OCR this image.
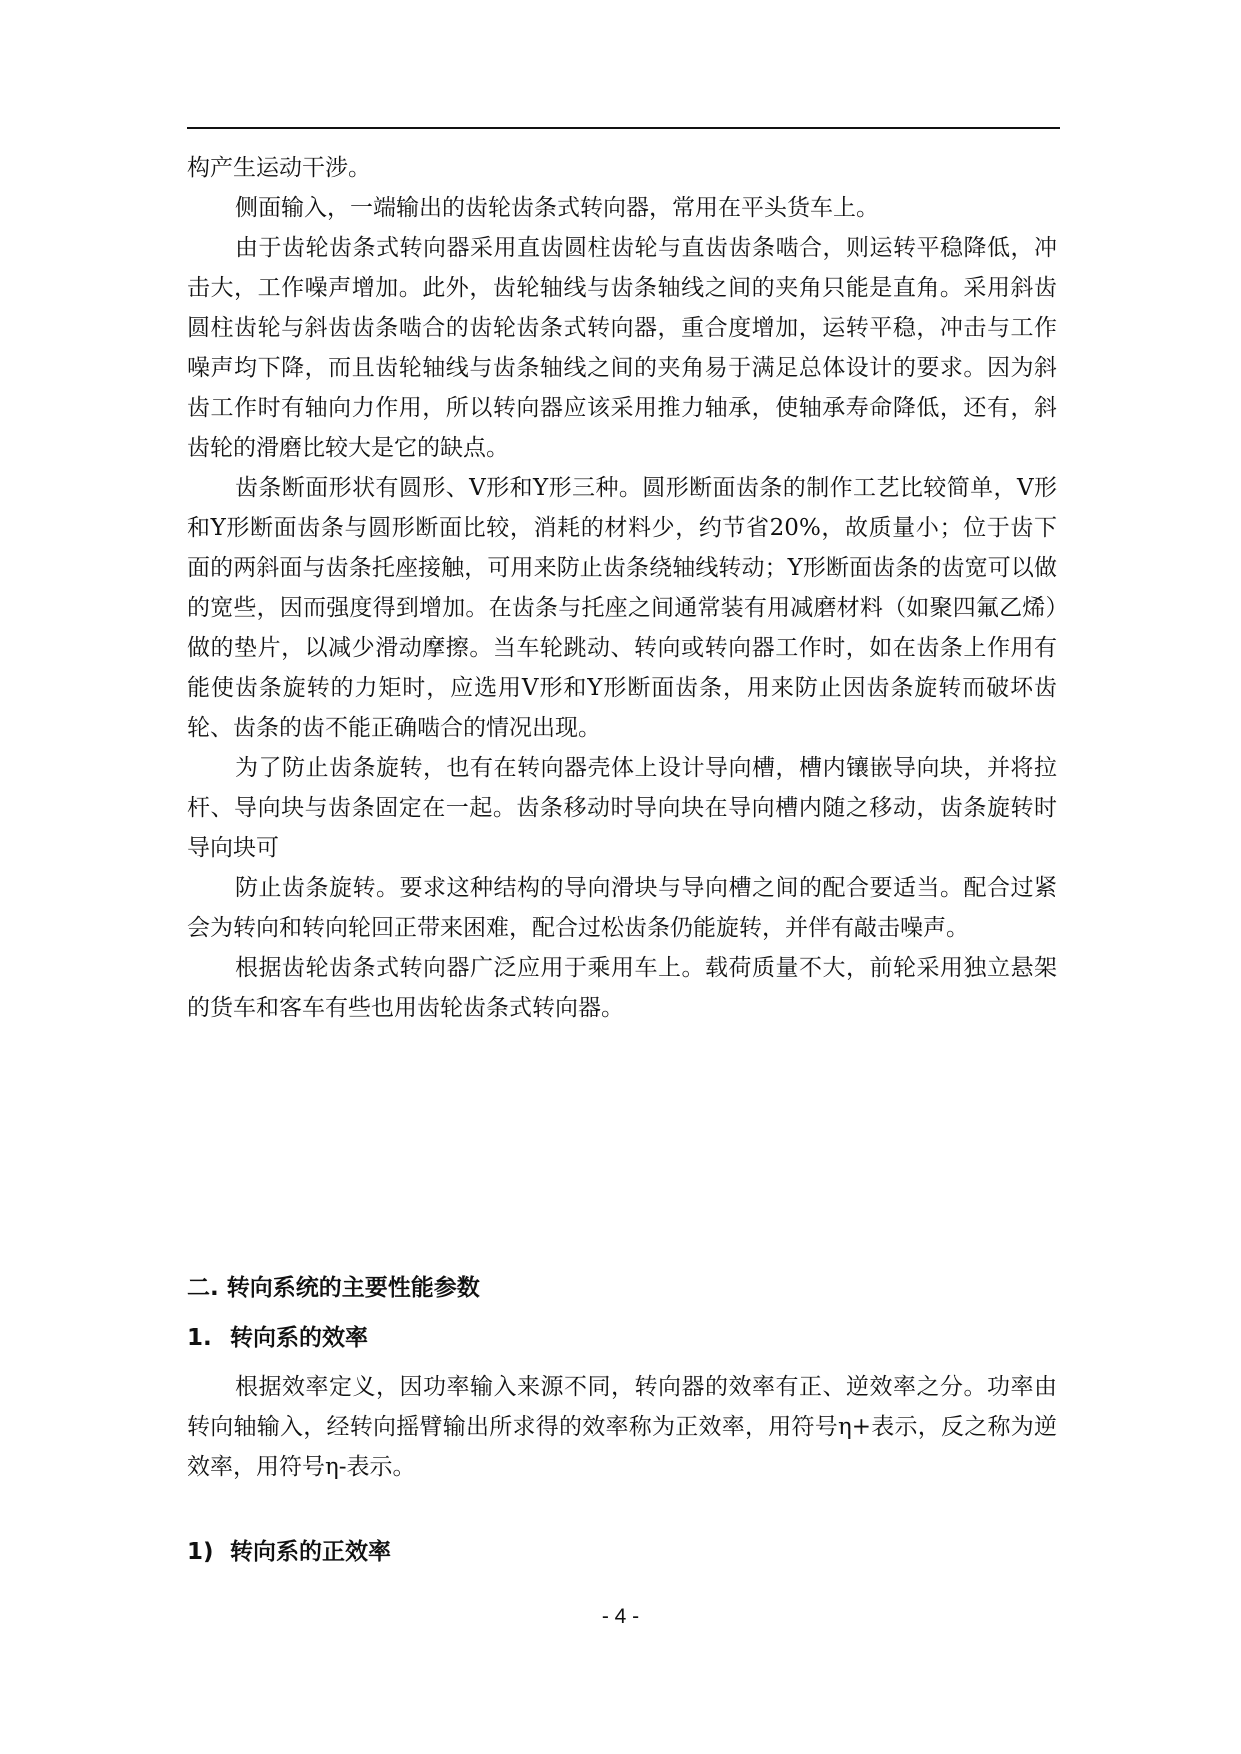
构产生运动干涉。

侧面输入，一端输出的齿轮齿条式转向器，常用在平头货车上。

由于齿轮齿条式转向器采用直齿圆柱齿轮与直齿齿条啮合，则运转平稳降低，冲击大，工作噪声增加。此外，齿轮轴线与齿条轴线之间的夹角只能是直角。采用斜齿圆柱齿轮与斜齿齿条啮合的齿轮齿条式转向器，重合度增加，运转平稳，冲击与工作噪声均下降，而且齿轮轴线与齿条轴线之间的夹角易于满足总体设计的要求。因为斜齿工作时有轴向力作用，所以转向器应该采用推力轴承，使轴承寿命降低，还有，斜齿轮的滑磨比较大是它的缺点。

齿条断面形状有圆形、V形和Y形三种。圆形断面齿条的制作工艺比较简单，V形和Y形断面齿条与圆形断面比较，消耗的材料少，约节省20%，故质量小；位于齿下面的两斜面与齿条托座接触，可用来防止齿条绕轴线转动；Y形断面齿条的齿宽可以做的宽些，因而强度得到增加。在齿条与托座之间通常装有用减磨材料（如聚四氟乙烯）做的垫片，以减少滑动摩擦。当车轮跳动、转向或转向器工作时，如在齿条上作用有能使齿条旋转的力矩时，应选用V形和Y形断面齿条，用来防止因齿条旋转而破坏齿轮、齿条的齿不能正确啮合的情况出现。

为了防止齿条旋转，也有在转向器壳体上设计导向槽，槽内镶嵌导向块，并将拉杆、导向块与齿条固定在一起。齿条移动时导向块在导向槽内随之移动，齿条旋转时导向块可

防止齿条旋转。要求这种结构的导向滑块与导向槽之间的配合要适当。配合过紧会为转向和转向轮回正带来困难，配合过松齿条仍能旋转，并伴有敲击噪声。

根据齿轮齿条式转向器广泛应用于乘用车上。载荷质量不大，前轮采用独立悬架的货车和客车有些也用齿轮齿条式转向器。

二. 转向系统的主要性能参数
1. 转向系的效率

根据效率定义，因功率输入来源不同，转向器的效率有正、逆效率之分。功率由转向轴输入，经转向摇臂输出所求得的效率称为正效率，用符号η+表示，反之称为逆效率，用符号η-表示。

1) 转向系的正效率
- 4 -
